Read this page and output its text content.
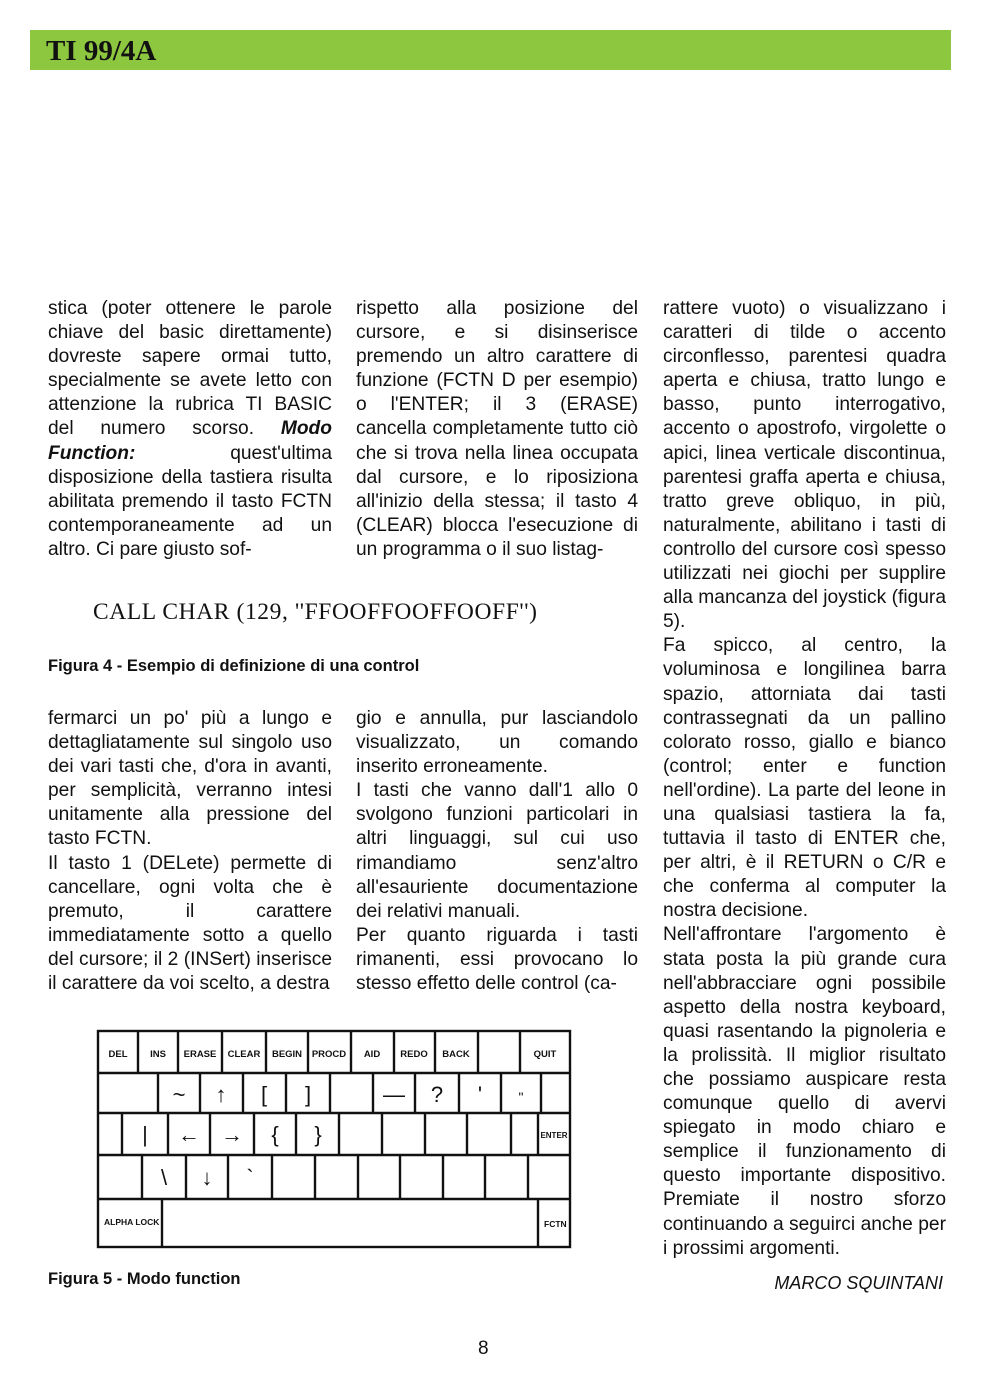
TI 99/4A

stica (poter ottenere le parole chiave del basic direttamente) dovreste sapere ormai tutto, specialmente se avete letto con attenzione la rubrica TI BASIC del numero scorso. Modo Function:	quest'ultima disposizione della tastiera risulta abilitata premendo il tasto FCTN contemporaneamente ad un altro. Ci pare giusto sof-

rispetto alla posizione del cursore, e si disinserisce premendo un altro carattere di funzione (FCTN D per esempio) o l'ENTER; il 3 (ERASE) cancella completamente tutto ciò che si trova nella linea occupata dal cursore, e lo riposiziona all'inizio della stessa; il tasto 4 (CLEAR) blocca l'esecuzione di un programma o il suo listag-

rattere vuoto) o visualizzano i caratteri di tilde o accento circonflesso, parentesi quadra aperta e chiusa, tratto lungo e basso, punto interrogativo, accento o apostrofo, virgolette o apici, linea verticale discontinua, parentesi graffa aperta e chiusa, tratto greve obliquo, in più, naturalmente, abilitano i tasti di controllo del cursore così spesso utilizzati nei giochi per supplire alla mancanza del joystick (figura 5).

Fa spicco, al centro, la voluminosa e longilinea barra spazio, attorniata dai tasti contrassegnati da un pallino colorato rosso, giallo e bianco (control; enter e function nell'ordine). La parte del leone in una qualsiasi tastiera la fa, tuttavia il tasto di ENTER che, per altri, è il RETURN o C/R e che conferma al computer la nostra decisione.

Nell'affrontare l'argomento è stata posta la più grande cura nell'abbracciare ogni possibile aspetto della nostra keyboard, quasi rasentando la pignoleria e la prolissità. Il miglior risultato che possiamo auspicare resta comunque quello di avervi spiegato in modo chiaro e semplice il funzionamento di questo importante dispositivo. Premiate il nostro sforzo continuando a seguirci anche per i prossimi argomenti.

CALL CHAR (129, ''FFOOFFOOFFOOFF'')
Figura 4 - Esempio di definizione di una control

fermarci un po' più a lungo e dettagliatamente sul singolo uso dei vari tasti che, d'ora in avanti, per semplicità, verranno intesi unitamente alla pressione del tasto FCTN.

Il tasto 1 (DELete) permette di cancellare, ogni volta che è premuto, il carattere immediatamente sotto a quello del cursore; il 2 (INSert) inserisce il carattere da voi scelto, a destra

gio e annulla, pur lasciandolo visualizzato, un comando inserito erroneamente.

I tasti che vanno dall'1 allo 0 svolgono funzioni particolari in altri linguaggi, sul cui uso rimandiamo senz'altro all'esauriente documentazione dei relativi manuali.

Per quanto riguarda i tasti rimanenti, essi provocano lo stesso effetto delle control (ca-

DEL INS ERASE CLEAR BEGIN PROCD AID REDO BACK	QUIT
~ ↑ [ ]	— ? '	"
| ← → { }	ENTER
\ ↓ `
ALPHA LOCK	FCTN
Figura 5 - Modo function	MARCO SQUINTANI
8
